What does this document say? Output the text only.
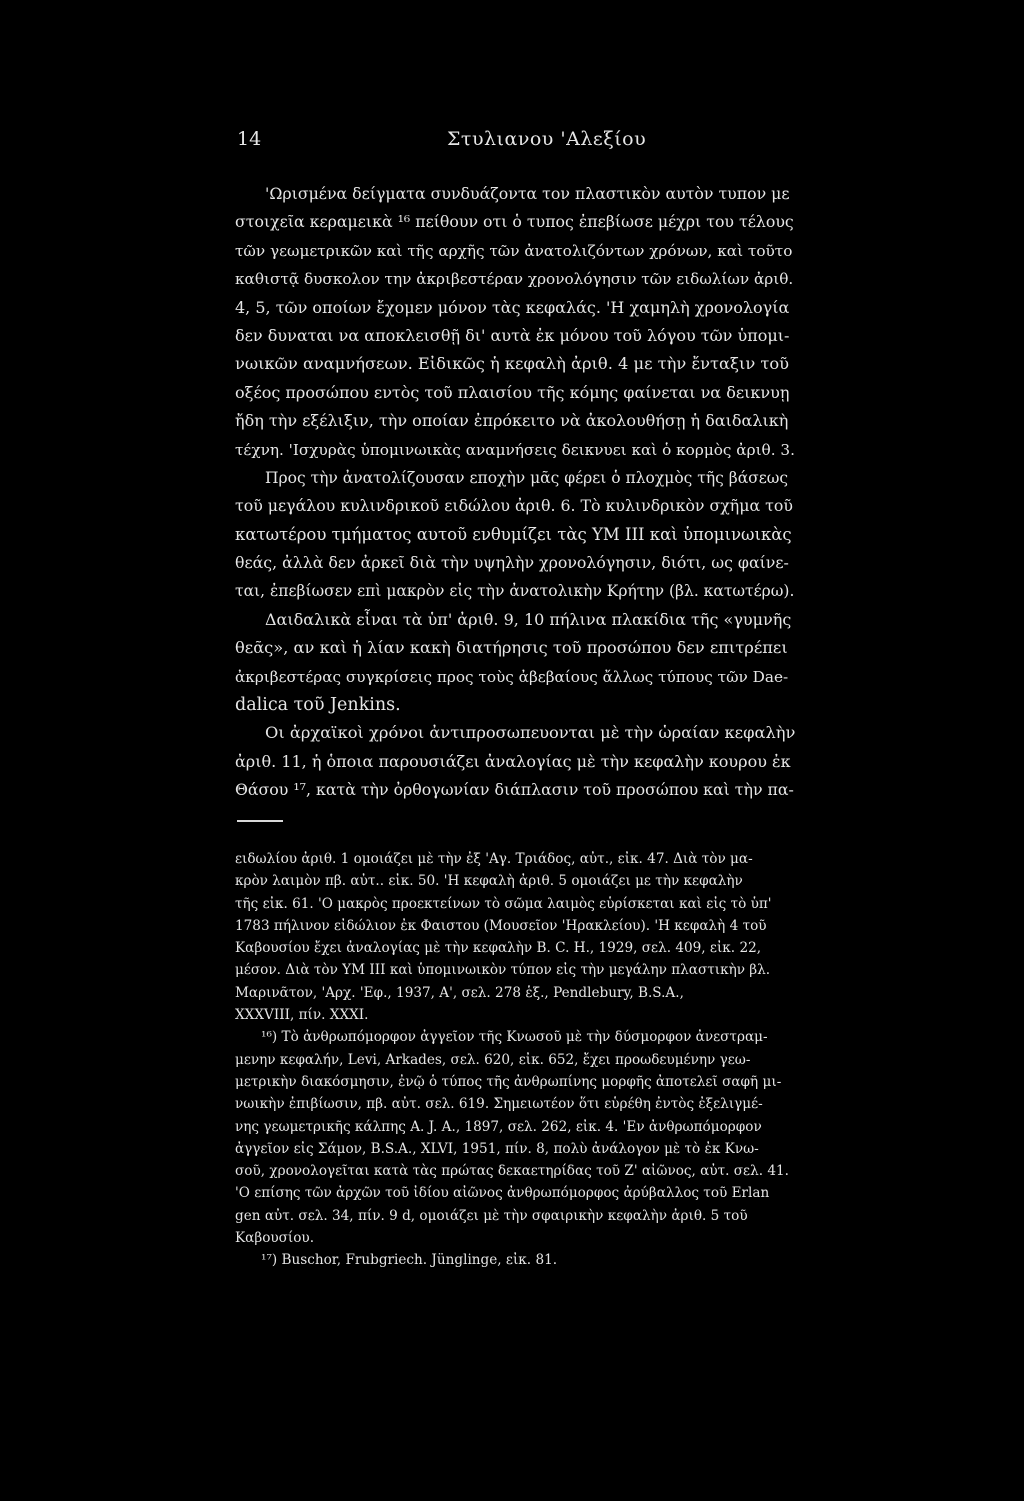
14	Στυλιανου 'Αλεξίου
'Ωρισμένα δείγματα συνδυάζοντα τον πλαστικὸν αυτὸν τυπον με
στοιχεῖα κεραμεικὰ ¹⁶ πείθουν οτι ὁ τυπος ἐπεβίωσε μέχρι του τέλους
τῶν γεωμετρικῶν καὶ τῆς αρχῆς τῶν ἀνατολιζόντων χρόνων, καὶ τοῦτο
καθιστᾷ δυσκολον την ἀκριβεστέραν χρονολόγησιν τῶν ειδωλίων ἀριθ.
4, 5, τῶν οποίων ἔχομεν μόνον τὰς κεφαλάς. 'Η χαμηλὴ χρονολογία
δεν δυναται να αποκλεισθῇ δι' αυτὰ ἐκ μόνου τοῦ λόγου τῶν ὑπομι-
νωικῶν αναμνήσεων. Εἰδικῶς ἡ κεφαλὴ ἀριθ. 4 με τὴν ἔνταξιν τοῦ
οξέος προσώπου εντὸς τοῦ πλαισίου τῆς κόμης φαίνεται να δεικνυῃ
ἤδη τὴν εξέλιξιν, τὴν οποίαν ἐπρόκειτο νὰ ἀκολουθήσῃ ἡ δαιδαλικὴ
τέχνη. 'Ισχυρὰς ὑπομινωικὰς αναμνήσεις δεικνυει καὶ ὁ κορμὸς ἀριθ. 3.
Προς τὴν ἀνατολίζουσαν εποχὴν μᾶς φέρει ὁ πλοχμὸς τῆς βάσεως
τοῦ μεγάλου κυλινδρικοῦ ειδώλου ἀριθ. 6. Τὸ κυλινδρικὸν σχῆμα τοῦ
κατωτέρου τμήματος αυτοῦ ενθυμίζει τὰς ΥΜ ΙΙΙ καὶ ὑπομινωικὰς
θεάς, ἀλλὰ δεν ἀρκεῖ διὰ τὴν υψηλὴν χρονολόγησιν, διότι, ως φαίνε-
ται, ἐπεβίωσεν επὶ μακρὸν εἰς τὴν ἀνατολικὴν Κρήτην (βλ. κατωτέρω).
Δαιδαλικὰ εἶναι τὰ ὑπ' ἀριθ. 9, 10 πήλινα πλακίδια τῆς «γυμνῆς
θεᾶς», αν καὶ ἡ λίαν κακὴ διατήρησις τοῦ προσώπου δεν επιτρέπει
ἀκριβεστέρας συγκρίσεις προς τοὺς ἀβεβαίους ἄλλως τύπους τῶν Dae-
dalica τοῦ Jenkins.
Οι ἀρχαϊκοὶ χρόνοι ἀντιπροσωπευονται μὲ τὴν ὡραίαν κεφαλὴν
ἀριθ. 11, ἡ ὁποια παρουσιάζει ἀναλογίας μὲ τὴν κεφαλὴν κουρου ἐκ
Θάσου ¹⁷, κατὰ τὴν ὀρθογωνίαν διάπλασιν τοῦ προσώπου καὶ τὴν πα-
ειδωλίου ἀριθ. 1 ομοιάζει μὲ τὴν ἐξ 'Αγ. Τριάδος, αὐτ., εἰκ. 47. Διὰ τὸν μα-
κρὸν λαιμὸν πβ. αὐτ.. εἰκ. 50. 'Η κεφαλὴ ἀριθ. 5 ομοιάζει με τὴν κεφαλὴν
τῆς εἰκ. 61. 'Ο μακρὸς προεκτείνων τὸ σῶμα λαιμὸς εὑρίσκεται καὶ εἰς τὸ ὑπ'
1783 πήλινον εἰδώλιον ἐκ Φαιστου (Μουσεῖον 'Ηρακλείου). 'Η κεφαλὴ 4 τοῦ
Καβουσίου ἔχει ἀναλογίας μὲ τὴν κεφαλὴν B. C. H., 1929, σελ. 409, εἰκ. 22,
μέσον. Διὰ τὸν ΥΜ ΙΙΙ καὶ ὑπομινωικὸν τύπον εἰς τὴν μεγάλην πλαστικὴν βλ.
Μαρινᾶτον, 'Αρχ. 'Εφ., 1937, Α', σελ. 278 ἑξ., Pendlebury, B.S.A.,
XXXVIII, πίν. XXXI.
¹⁶) Τὸ ἀνθρωπόμορφον ἀγγεῖον τῆς Κνωσοῦ μὲ τὴν δύσμορφον ἀνεστραμ-
μενην κεφαλήν, Levi, Arkades, σελ. 620, εἰκ. 652, ἔχει προωδευμένην γεω-
μετρικὴν διακόσμησιν, ἐνῷ ὁ τύπος τῆς ἀνθρωπίνης μορφῆς ἀποτελεῖ σαφῆ μι-
νωικὴν ἐπιβίωσιν, πβ. αὐτ. σελ. 619. Σημειωτέον ὅτι εὑρέθη ἐντὸς ἐξελιγμέ-
νης γεωμετρικῆς κάλπης Α. J. Α., 1897, σελ. 262, εἰκ. 4. 'Εν ἀνθρωπόμορφον
ἀγγεῖον εἰς Σάμον, B.S.A., XLVI, 1951, πίν. 8, πολὺ ἀνάλογον μὲ τὸ ἐκ Κνω-
σοῦ, χρονολογεῖται κατὰ τὰς πρώτας δεκαετηρίδας τοῦ Ζ' αἰῶνος, αὐτ. σελ. 41.
'Ο επίσης τῶν ἀρχῶν τοῦ ἰδίου αἰῶνος ἀνθρωπόμορφος ἀρύβαλλος τοῦ Erlan
gen αὐτ. σελ. 34, πίν. 9 d, ομοιάζει μὲ τὴν σφαιρικὴν κεφαλὴν ἀριθ. 5 τοῦ
Καβουσίου.
¹⁷) Buschor, Frubgriech. Jünglinge, εἰκ. 81.
